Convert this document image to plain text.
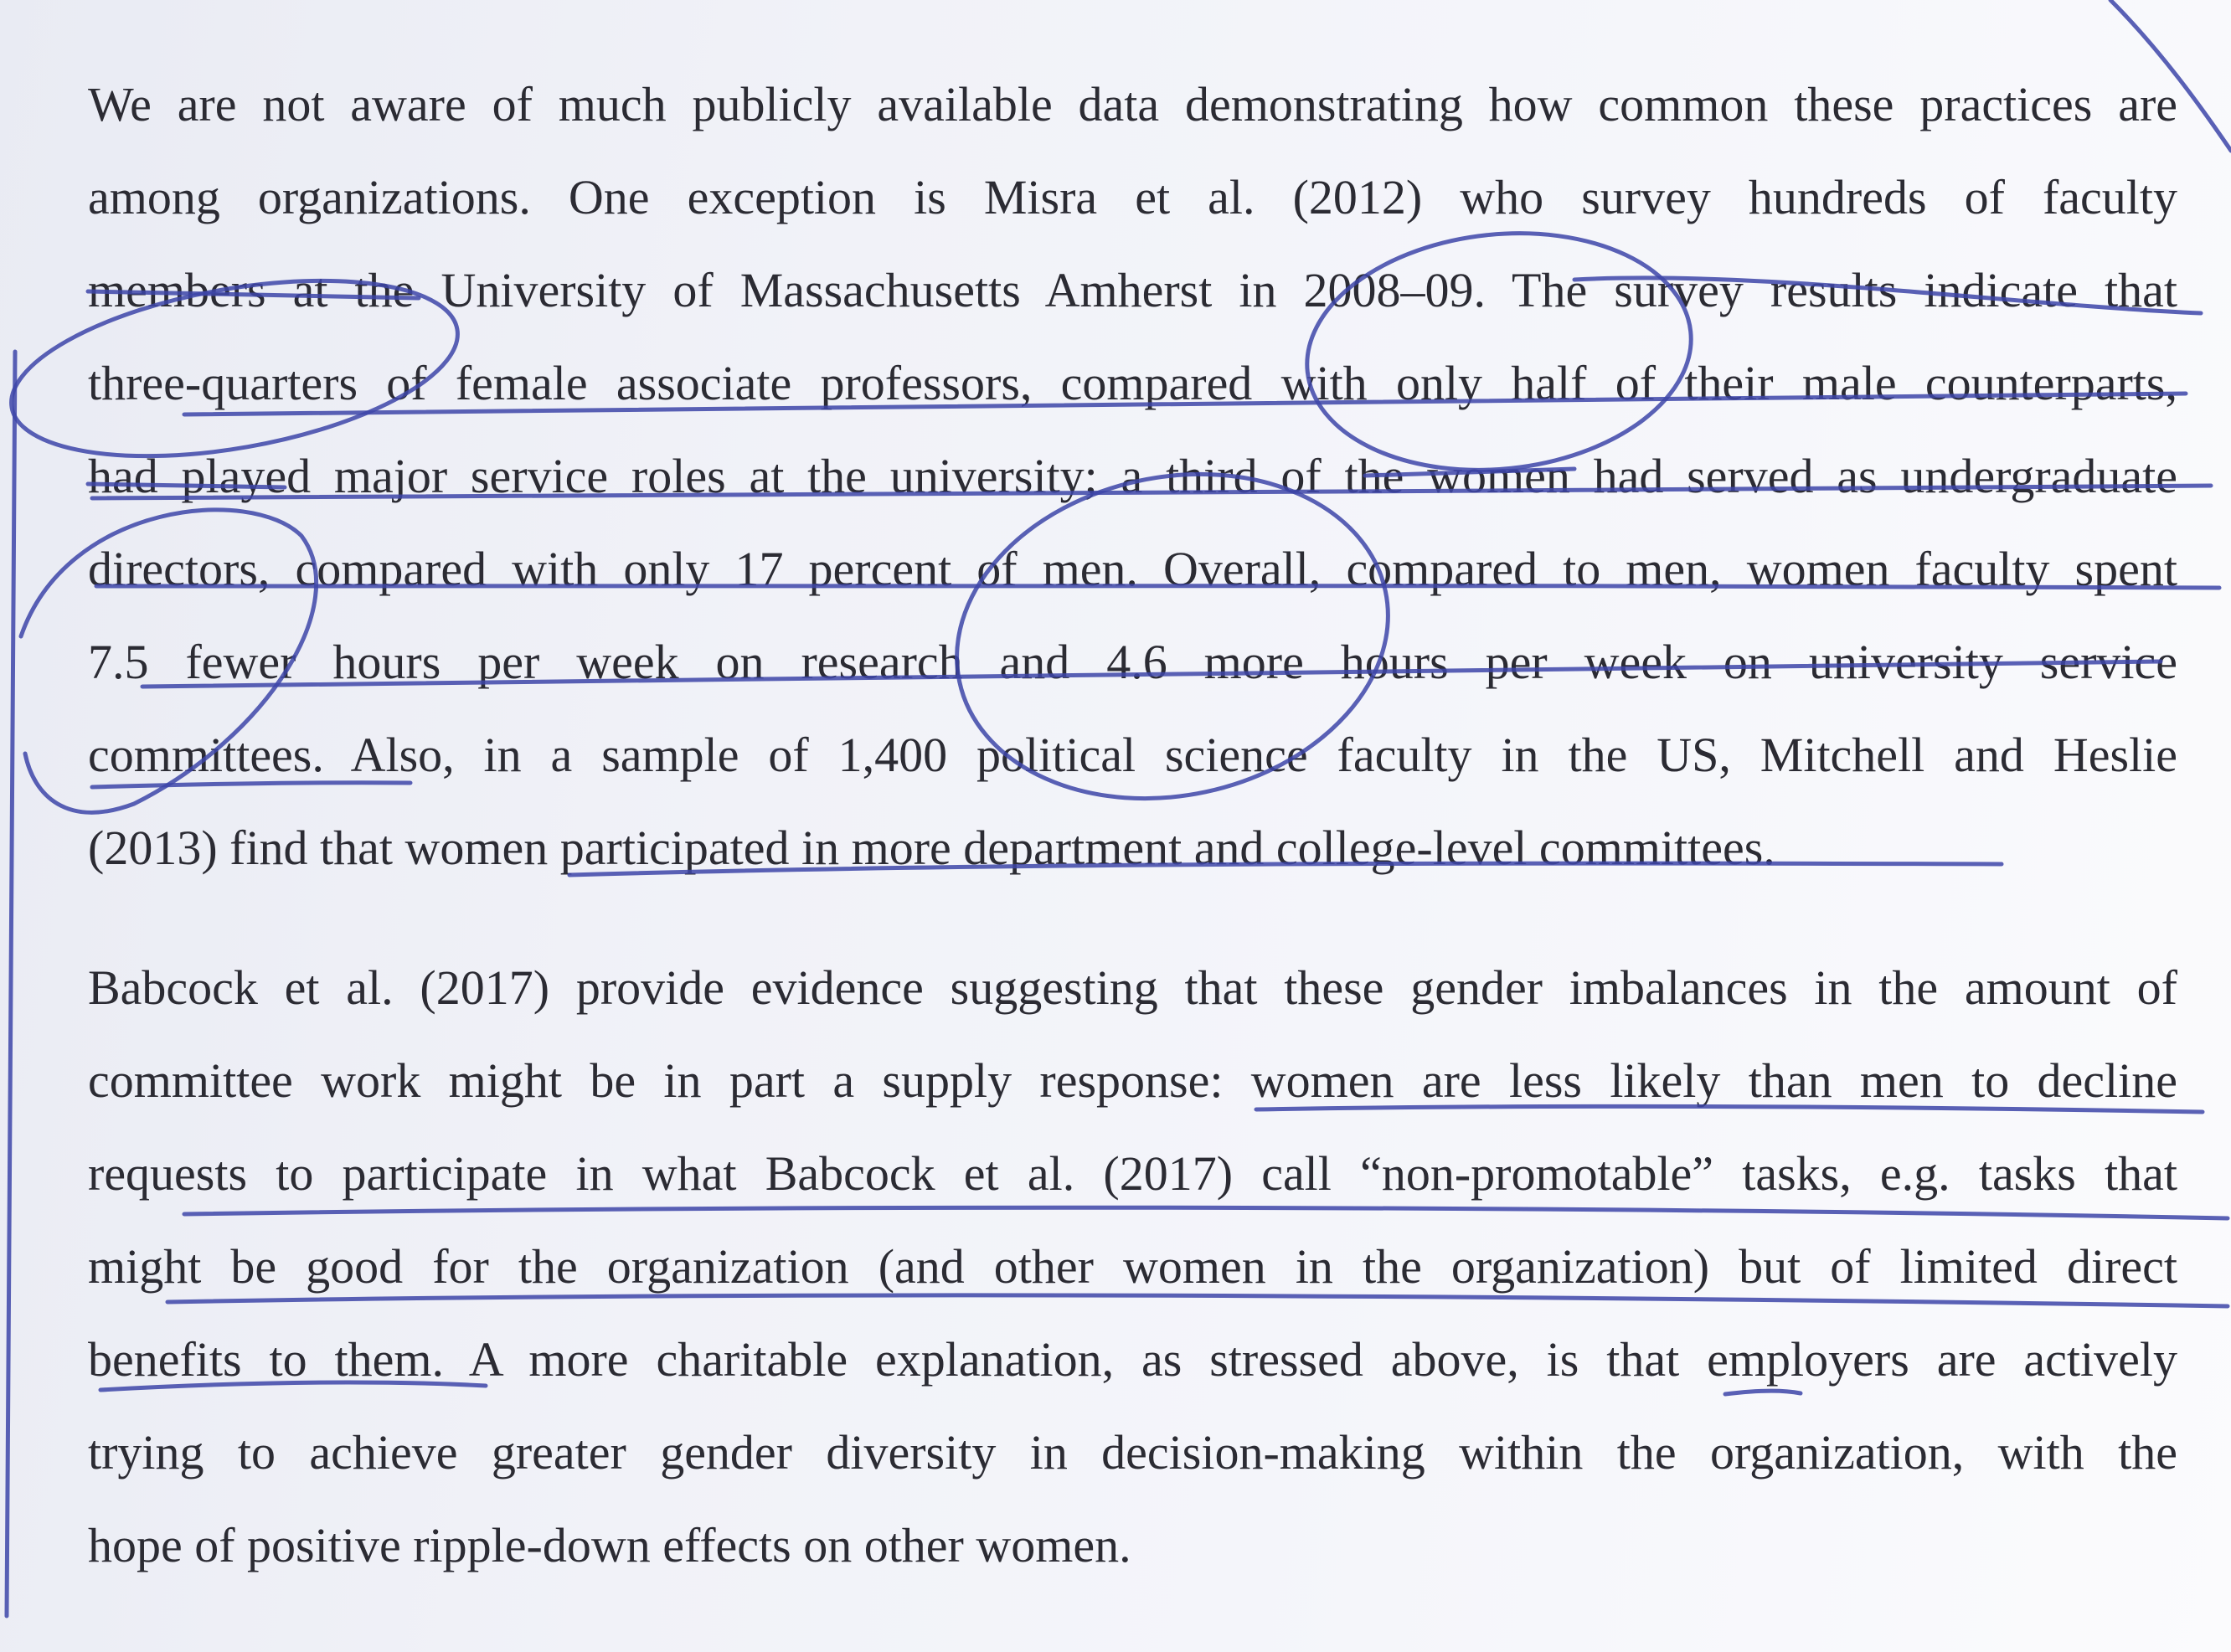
We are not aware of much publicly available data demonstrating how common these practices are
among organizations. One exception is Misra et al. (2012) who survey hundreds of faculty
members at the University of Massachusetts Amherst in 2008–09. The survey results indicate that
three-quarters of female associate professors, compared with only half of their male counterparts,
had played major service roles at the university; a third of the women had served as undergraduate
directors, compared with only 17 percent of men. Overall, compared to men, women faculty spent
7.5 fewer hours per week on research and 4.6 more hours per week on university service
committees. Also, in a sample of 1,400 political science faculty in the US, Mitchell and Heslie
(2013) find that women participated in more department and college-level committees.
Babcock et al. (2017) provide evidence suggesting that these gender imbalances in the amount of
committee work might be in part a supply response: women are less likely than men to decline
requests to participate in what Babcock et al. (2017) call “non-promotable” tasks, e.g. tasks that
might be good for the organization (and other women in the organization) but of limited direct
benefits to them. A more charitable explanation, as stressed above, is that employers are actively
trying to achieve greater gender diversity in decision-making within the organization, with the
hope of positive ripple-down effects on other women.
